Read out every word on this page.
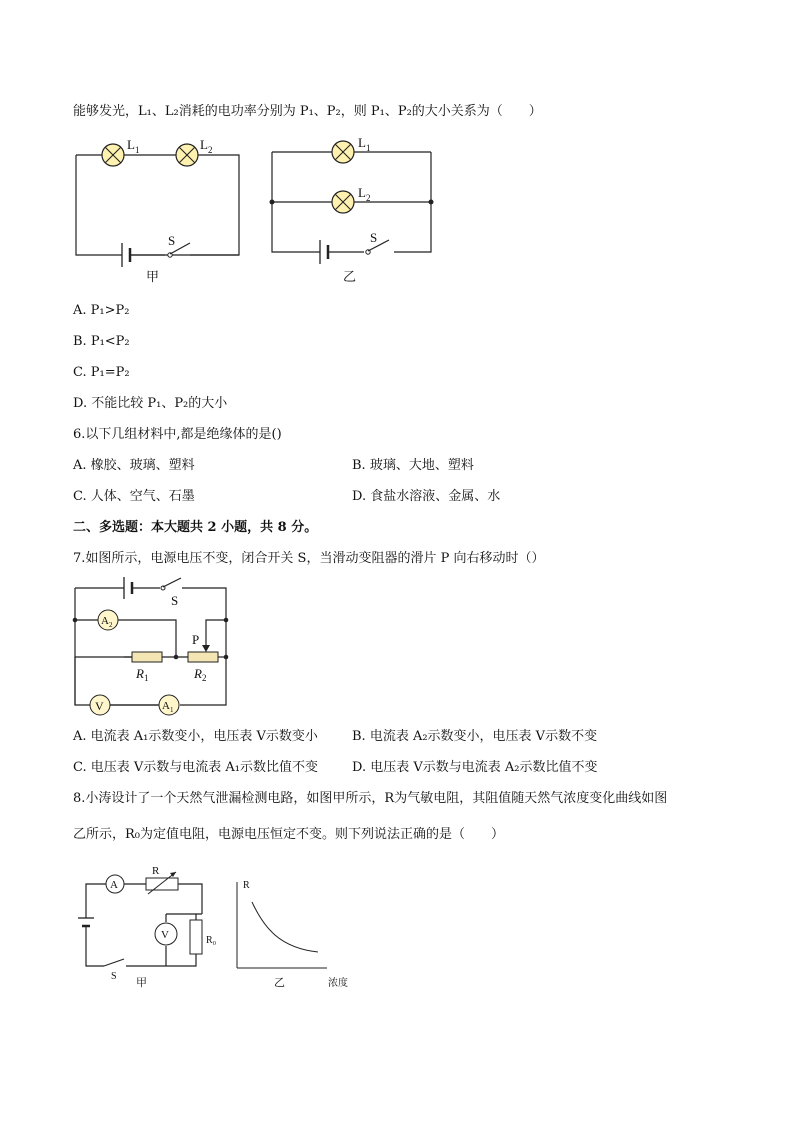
能够发光，L₁、L₂消耗的电功率分别为 P₁、P₂，则 P₁、P₂的大小关系为（　　）
$L_1$	$L_2$
S
甲
$L_1$
$L_2$
S
乙
A. P₁>P₂
B. P₁<P₂
C. P₁=P₂
D. 不能比较 P₁、P₂的大小
6.以下几组材料中,都是绝缘体的是()
A. 橡胶、玻璃、塑料	B. 玻璃、大地、塑料
C. 人体、空气、石墨	D. 食盐水溶液、金属、水
二、多选题：本大题共 2 小题，共 8 分。
7.如图所示，电源电压不变，闭合开关 S，当滑动变阻器的滑片 P 向右移动时（）
S
$A_2$
P
$R_1$	$R_2$
V	$A_1$
A. 电流表 A₁示数变小，电压表 V示数变小	B. 电流表 A₂示数变小，电压表 V示数不变
C. 电压表 V示数与电流表 A₁示数比值不变	D. 电压表 V示数与电流表 A₂示数比值不变
8.小涛设计了一个天然气泄漏检测电路，如图甲所示，R为气敏电阻，其阻值随天然气浓度变化曲线如图
乙所示，R₀为定值电阻，电源电压恒定不变。则下列说法正确的是（　　）
A
R
V	R₀
S
甲
R
乙	浓度
